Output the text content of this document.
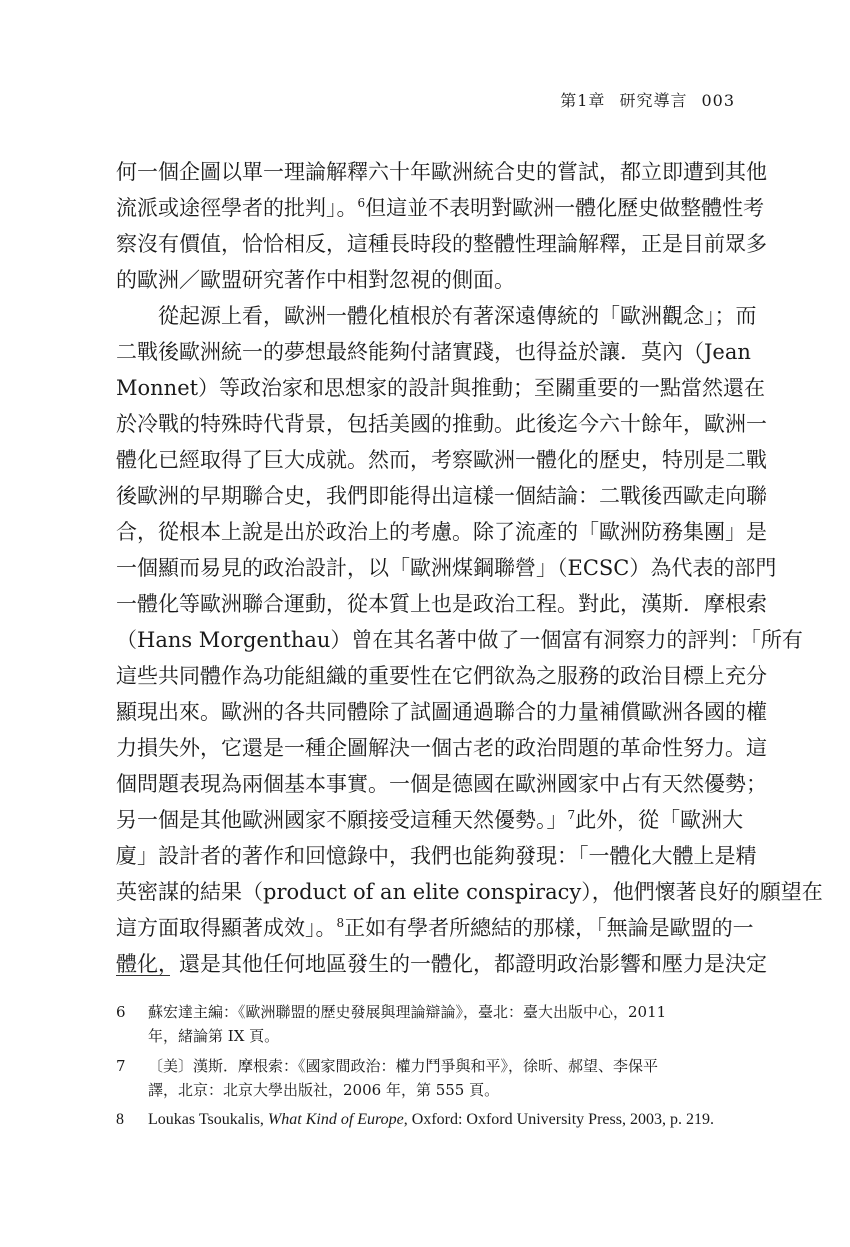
第1章 研究導言 003
何一個企圖以單一理論解釋六十年歐洲統合史的嘗試，都立即遭到其他
流派或途徑學者的批判」。$^6$但這並不表明對歐洲一體化歷史做整體性考
察沒有價值，恰恰相反，這種長時段的整體性理論解釋，正是目前眾多
的歐洲／歐盟研究著作中相對忽視的側面。
從起源上看，歐洲一體化植根於有著深遠傳統的「歐洲觀念」；而
二戰後歐洲統一的夢想最終能夠付諸實踐，也得益於讓．莫內（Jean
Monnet）等政治家和思想家的設計與推動；至關重要的一點當然還在
於冷戰的特殊時代背景，包括美國的推動。此後迄今六十餘年，歐洲一
體化已經取得了巨大成就。然而，考察歐洲一體化的歷史，特別是二戰
後歐洲的早期聯合史，我們即能得出這樣一個結論：二戰後西歐走向聯
合，從根本上說是出於政治上的考慮。除了流產的「歐洲防務集團」是
一個顯而易見的政治設計，以「歐洲煤鋼聯營」（ECSC）為代表的部門
一體化等歐洲聯合運動，從本質上也是政治工程。對此，漢斯．摩根索
（Hans Morgenthau）曾在其名著中做了一個富有洞察力的評判：「所有
這些共同體作為功能組織的重要性在它們欲為之服務的政治目標上充分
顯現出來。歐洲的各共同體除了試圖通過聯合的力量補償歐洲各國的權
力損失外，它還是一種企圖解決一個古老的政治問題的革命性努力。這
個問題表現為兩個基本事實。一個是德國在歐洲國家中占有天然優勢；
另一個是其他歐洲國家不願接受這種天然優勢。」$^7$此外，從「歐洲大
廈」設計者的著作和回憶錄中，我們也能夠發現：「一體化大體上是精
英密謀的結果（product of an elite conspiracy），他們懷著良好的願望在
這方面取得顯著成效」。$^8$正如有學者所總結的那樣，「無論是歐盟的一
體化，還是其他任何地區發生的一體化，都證明政治影響和壓力是決定
6	蘇宏達主編：《歐洲聯盟的歷史發展與理論辯論》，臺北：臺大出版中心，2011
年，緒論第 IX 頁。
7	〔美〕漢斯．摩根索：《國家間政治：權力鬥爭與和平》，徐昕、郝望、李保平
譯，北京：北京大學出版社，2006 年，第 555 頁。
8	Loukas Tsoukalis, What Kind of Europe, Oxford: Oxford University Press, 2003, p. 219.
